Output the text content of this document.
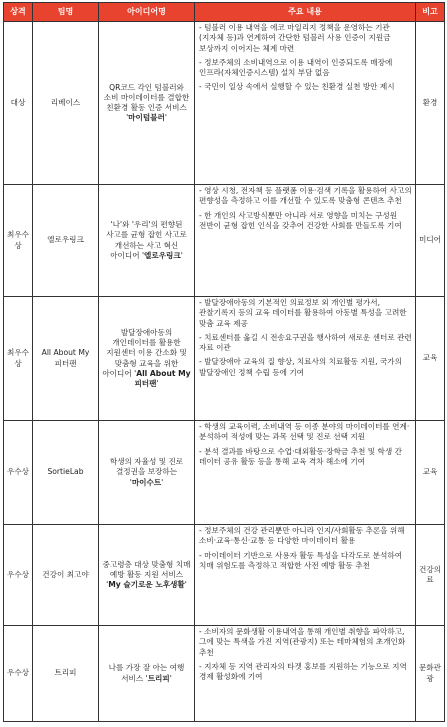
상격	팀명	아이디어명	주요 내용	비고
대상	리베이스	QR코드 각인 텀블러와 소비 마이데이터를 결합한 친환경 활동 인증 서비스 '마이텀블러'	- 텀블러 이용 내역을 에코 마일리지 정책을 운영하는 기관(지자체 등)과 연계하여 간단한 텀블러 사용 인증이 지원금 보상까지 이어지는 체계 마련

- 정보주체의 소비내역으로 이용 내역이 인증되도록 매장에 인프라(자체인증시스템) 설치 부담 없음

- 국민이 일상 속에서 실행할 수 있는 친환경 실천 방안 제시	환경
최우수상	엘로우링크	'나'와 '우리'의 편향된 사고를 균형 잡힌 사고로 개선하는 사고 혁신 아이디어 '엘로우링크'	- 영상 시청, 전자책 등 플랫폼 이용·검색 기록을 활용하여 사고의 편향성을 측정하고 이를 개선할 수 있도록 맞춤형 콘텐츠 추천

- 한 개인의 사고방식뿐만 아니라 서로 영향을 미치는 구성원 전반이 균형 잡힌 인식을 갖추어 건강한 사회를 만들도록 기여	미디어
최우수상	All About My 피터팬	발달장애아동의 개인데이터를 활용한 지원센터 이용 간소화 및 맞춤형 교육을 위한 아이디어 'All About My 피터팬'	- 발달장애아동의 기본적인 의료정보 외 개인별 평가서, 관찰기록지 등의 교육 데이터를 활용하여 아동별 특성을 고려한 맞춤 교육 제공

- 치료센터를 옮길 시 전송요구권을 행사하여 새로운 센터로 관련 자료 이관

- 발달장애아 교육의 질 향상, 치료사의 치료활동 지원, 국가의 발달장애인 정책 수립 등에 기여	교육
우수상	SortieLab	학생의 자율성 및 진로 결정권을 보장하는 '마이수트'	- 학생의 교육이력, 소비내역 등 이종 분야의 마이데이터를 연계·분석하여 적성에 맞는 과목 선택 및 진로 선택 지원

- 분석 결과를 바탕으로 수업·대외활동·장학금 추천 및 학생 간 데이터 공유 활동 등을 통해 교육 격차 해소에 기여	교육
우수상	건강이 최고야	중고령층 대상 맞춤형 치매 예방 활동 지원 서비스 'My 슬기로운 노후생활'	- 정보주체의 건강 관리뿐만 아니라 인지/사회활동 추론을 위해 소비·교육·통신·교통 등 다양한 마이데이터 활용

- 마이데이터 기반으로 사용자 활동 특성을 다각도로 분석하여 치매 위험도를 측정하고 적합한 사전 예방 활동 추천	건강의료
우수상	트리피	나를 가장 잘 아는 여행 서비스 '트리피'	- 소비자의 문화생활 이용내역을 통해 개인별 취향을 파악하고, 그에 맞는 특색을 가진 지역(관광지) 또는 테마체험의 초개인화 추천

- 지자체 등 지역 관리자의 타겟 홍보를 지원하는 기능으로 지역 경제 활성화에 기여	문화관광
